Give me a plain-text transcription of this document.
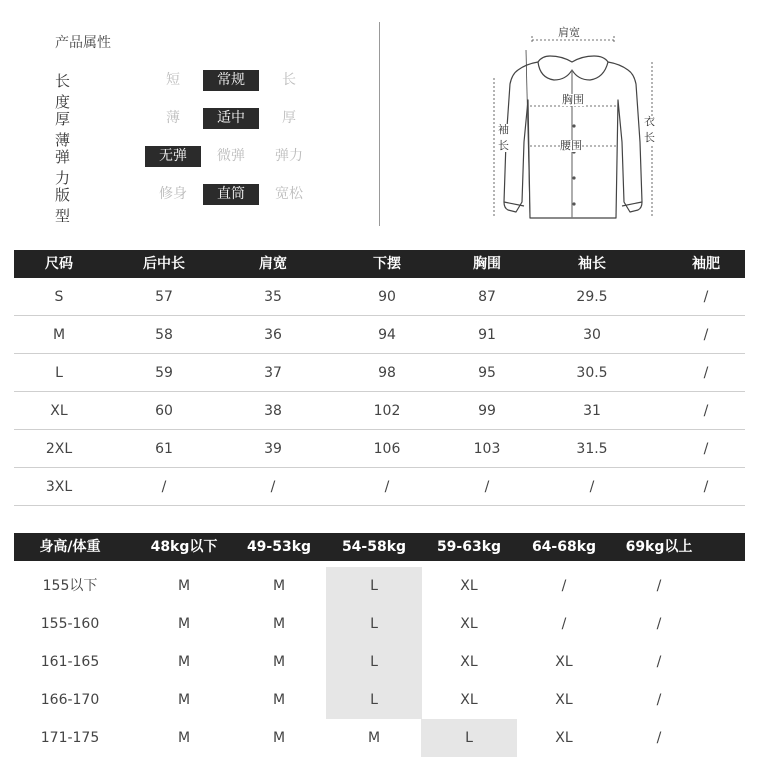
产品属性
长度
短	常规	长
厚薄
薄	适中	厚
弹力
无弹	微弹	弹力
版型
修身	直筒	宽松
肩宽
胸围
腰围
袖
长
衣
长
尺码	后中长	肩宽	下摆	胸围	袖长	袖肥
S	57	35	90	87	29.5	/
M	58	36	94	91	30	/
L	59	37	98	95	30.5	/
XL	60	38	102	99	31	/
2XL	61	39	106	103	31.5	/
3XL	/	/	/	/	/	/
身高/体重	48kg以下	49-53kg	54-58kg	59-63kg	64-68kg	69kg以上
155以下	M	M	L	XL	/	/
155-160	M	M	L	XL	/	/
161-165	M	M	L	XL	XL	/
166-170	M	M	L	XL	XL	/
171-175	M	M	M	L	XL	/
